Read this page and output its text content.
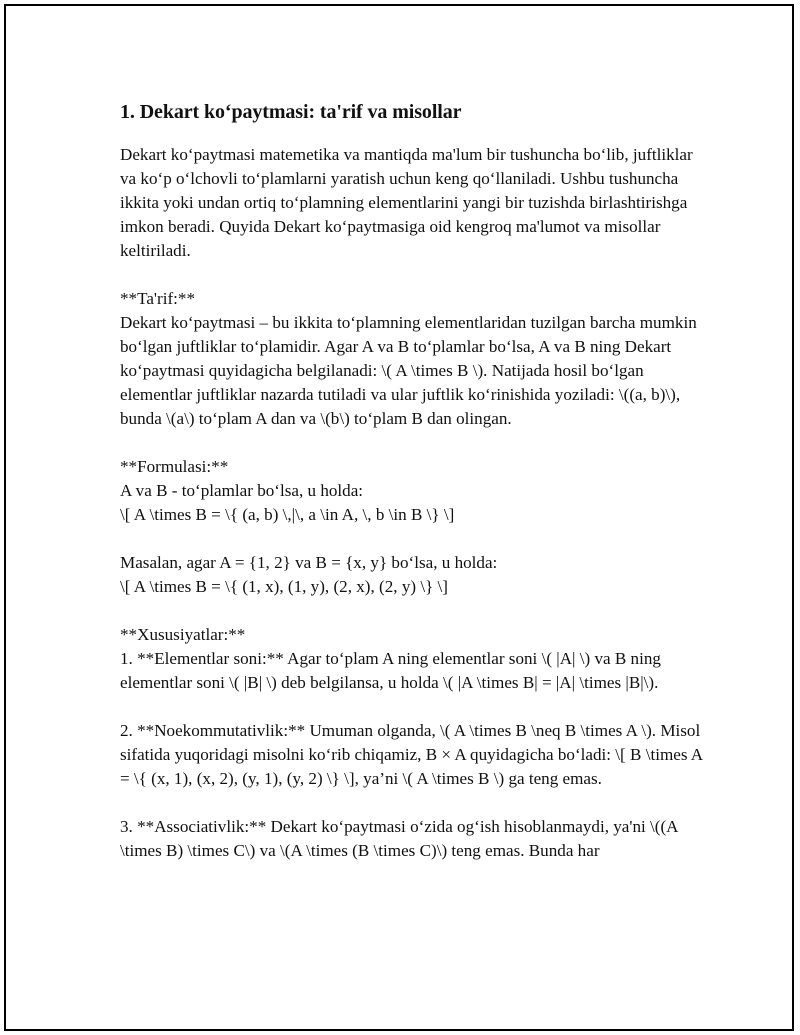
1. Dekart ko‘paytmasi: ta'rif va misollar

Dekart ko‘paytmasi matemetika va mantiqda ma'lum bir tushuncha bo‘lib, juftliklar va ko‘p o‘lchovli to‘plamlarni yaratish uchun keng qo‘llaniladi. Ushbu tushuncha ikkita yoki undan ortiq to‘plamning elementlarini yangi bir tuzishda birlashtirishga imkon beradi. Quyida Dekart ko‘paytmasiga oid kengroq ma'lumot va misollar keltiriladi.

**Ta'rif:**
Dekart ko‘paytmasi – bu ikkita to‘plamning elementlaridan tuzilgan barcha mumkin bo‘lgan juftliklar to‘plamidir. Agar A va B to‘plamlar bo‘lsa, A va B ning Dekart ko‘paytmasi quyidagicha belgilanadi: \( A \times B \). Natijada hosil bo‘lgan elementlar juftliklar nazarda tutiladi va ular juftlik ko‘rinishida yoziladi: \((a, b)\), bunda \(a\) to‘plam A dan va \(b\) to‘plam B dan olingan.

**Formulasi:**
A va B - to‘plamlar bo‘lsa, u holda:
\[ A \times B = \{ (a, b) \,|\, a \in A, \, b \in B \} \]

Masalan, agar A = {1, 2} va B = {x, y} bo‘lsa, u holda:
\[ A \times B = \{ (1, x), (1, y), (2, x), (2, y) \} \]

**Xususiyatlar:**
1. **Elementlar soni:** Agar to‘plam A ning elementlar soni \( |A| \) va B ning elementlar soni \( |B| \) deb belgilansa, u holda \( |A \times B| = |A| \times |B|\).

2. **Noekommutativlik:** Umuman olganda, \( A \times B \neq B \times A \). Misol sifatida yuqoridagi misolni ko‘rib chiqamiz, B × A quyidagicha bo‘ladi: \[ B \times A = \{ (x, 1), (x, 2), (y, 1), (y, 2) \} \], ya’ni \( A \times B \) ga teng emas.

3. **Associativlik:** Dekart ko‘paytmasi o‘zida og‘ish hisoblanmaydi, ya'ni \((A \times B) \times C\) va \(A \times (B \times C)\) teng emas. Bunda har
